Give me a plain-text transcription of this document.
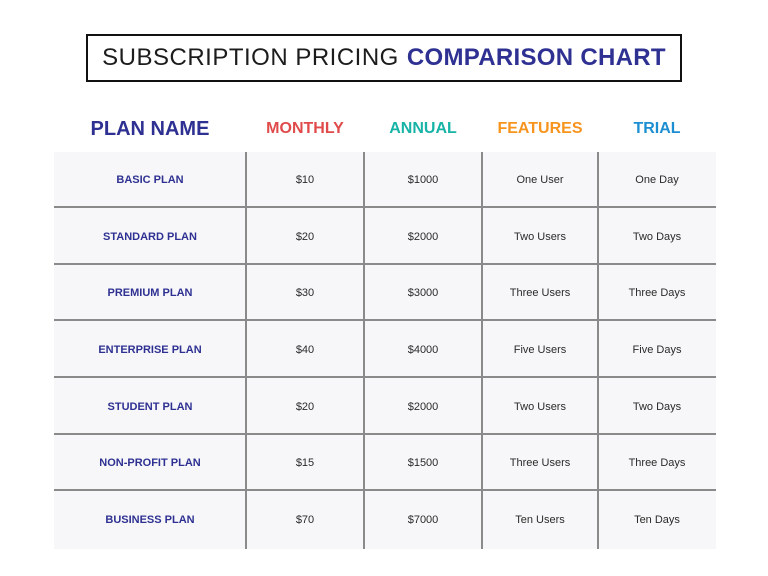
SUBSCRIPTION PRICING COMPARISON CHART
PLAN NAME	MONTHLY	ANNUAL	FEATURES	TRIAL
BASIC PLAN	$10	$1000	One User	One Day
STANDARD PLAN	$20	$2000	Two Users	Two Days
PREMIUM PLAN	$30	$3000	Three Users	Three Days
ENTERPRISE PLAN	$40	$4000	Five Users	Five Days
STUDENT PLAN	$20	$2000	Two Users	Two Days
NON-PROFIT PLAN	$15	$1500	Three Users	Three Days
BUSINESS PLAN	$70	$7000	Ten Users	Ten Days
